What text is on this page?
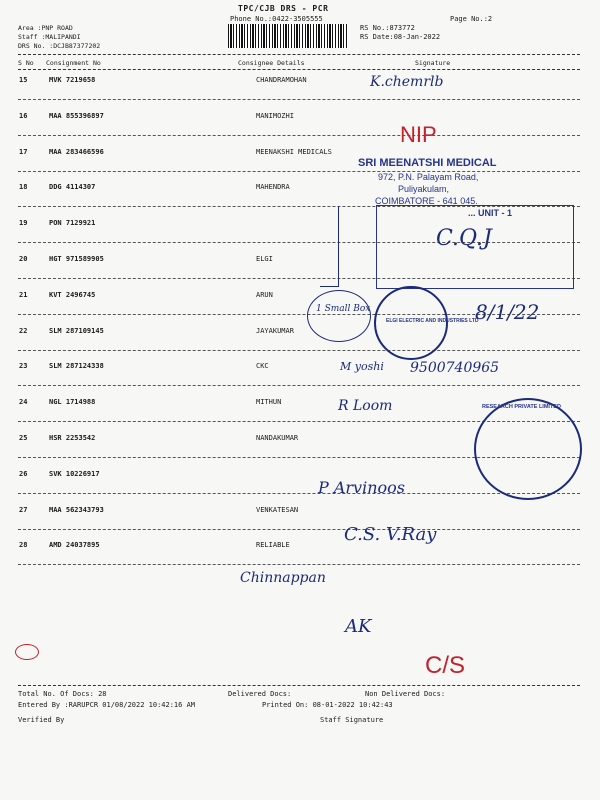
TPC/CJB DRS - PCR
Phone No.:0422-3505555	Page No.:2
Area :PNP ROAD
Staff :MALIPANDI
DRS No. :DCJB87377202
RS No.:873772
RS Date:08-Jan-2022
S No Consignment No	Consignee Details	Signature
15	MVK 7219658	CHANDRAMOHAN
16	MAA 855396897	MANIMOZHI
17	MAA 283466596	MEENAKSHI MEDICALS
18	DDG 4114307	MAHENDRA
19	PON 7129921
20	HGT 971589905	ELGI
21	KVT 2496745	ARUN
22	SLM 287109145	JAYAKUMAR
23	SLM 287124338	CKC
24	NGL 1714988	MITHUN
25	HSR 2253542	NANDAKUMAR
26	SVK 10226917
27	MAA 562343793	VENKATESAN
28	AMD 24037895	RELIABLE
Total No. Of Docs: 28	Delivered Docs:	Non Delivered Docs:
Entered By :RARUPCR 01/08/2022 10:42:16 AM	Printed On: 08-01-2022 10:42:43
Verified By	Staff Signature
K.chemrlb
NIP
SRI MEENATSHI MEDICAL
972, P.N. Palayam Road,
Puliyakulam,
COIMBATORE - 641 045.
... UNIT - 1
C.Q.J
1 Small Box
ELGI ELECTRIC AND INDUSTRIES LTD
8/1/22
M yoshi 9500740965
R Loom	RESEARCH PRIVATE LIMITED
P Arvinoos
C.S. V.Ray
Chinnappan
AK
C/S
